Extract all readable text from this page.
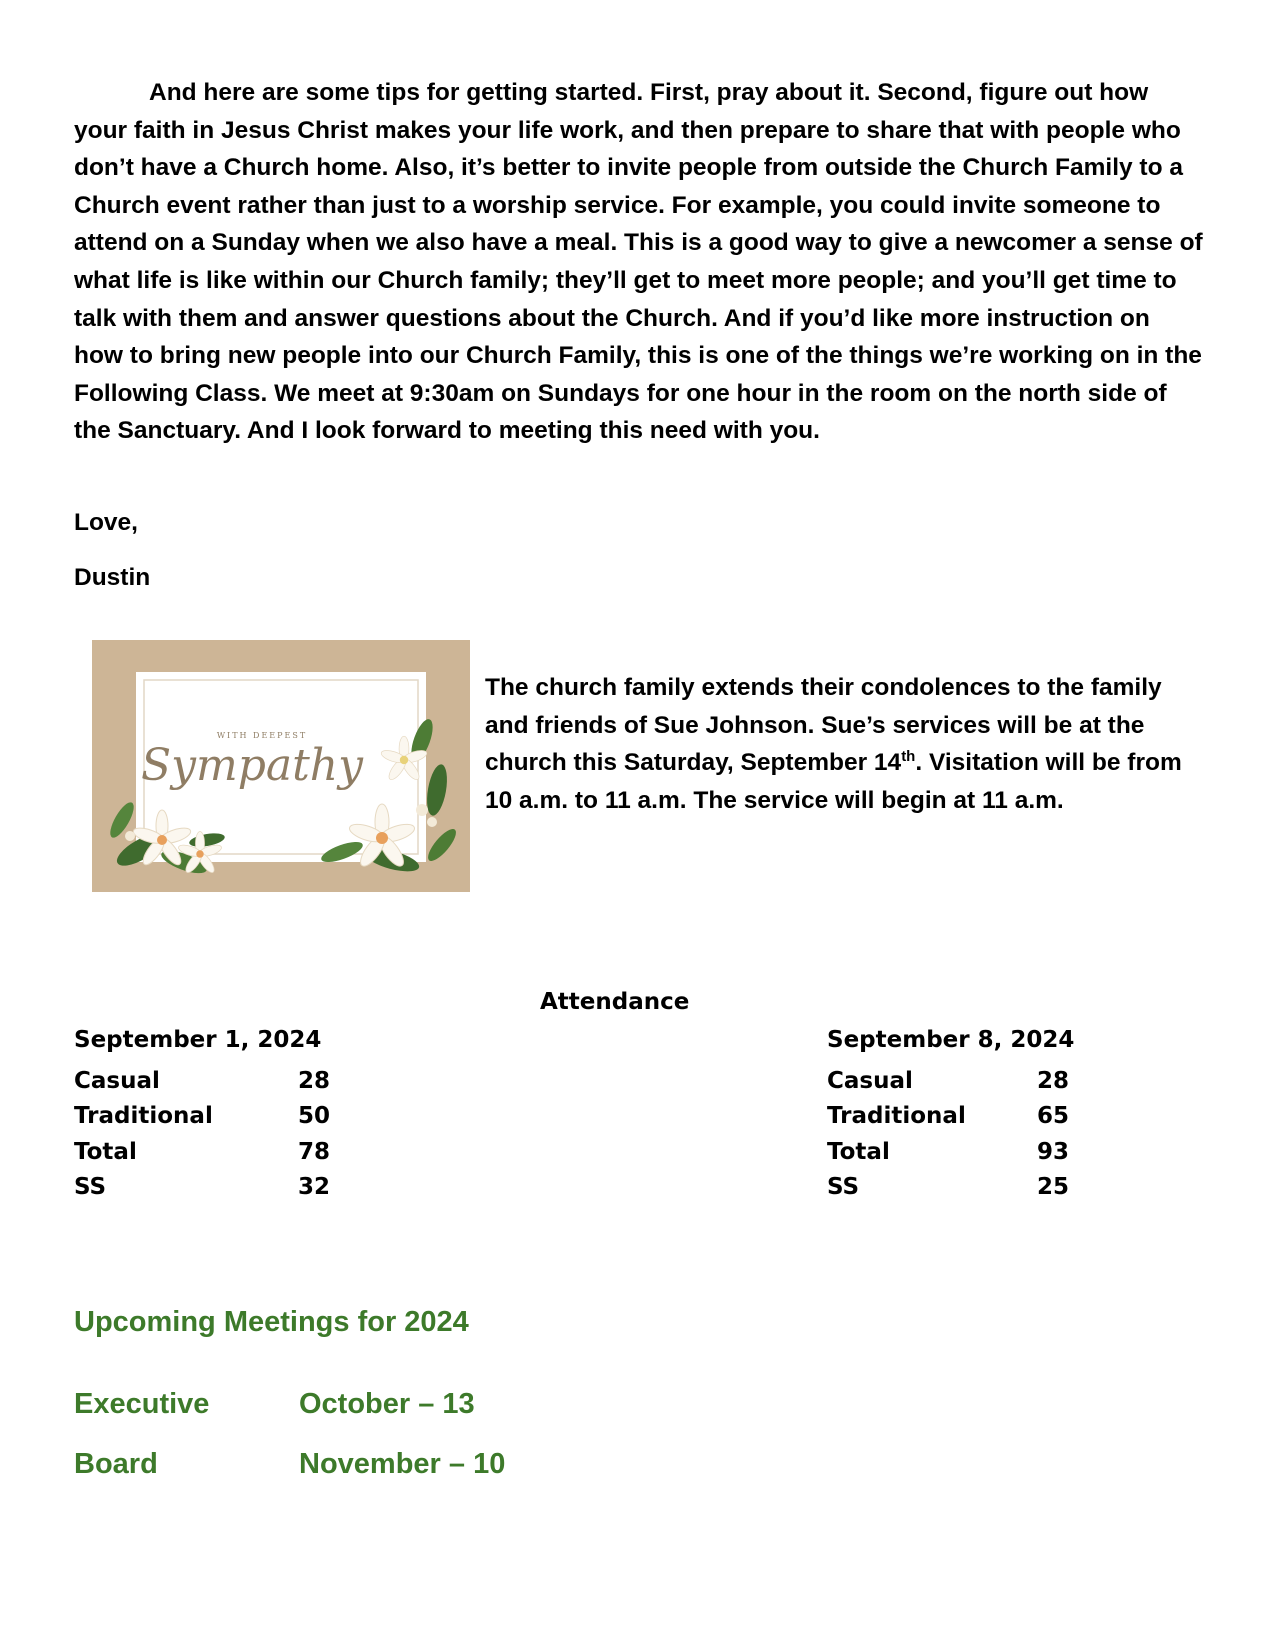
And here are some tips for getting started. First, pray about it. Second, figure out how your faith in Jesus Christ makes your life work, and then prepare to share that with people who don’t have a Church home. Also, it’s better to invite people from outside the Church Family to a Church event rather than just to a worship service. For example, you could invite someone to attend on a Sunday when we also have a meal. This is a good way to give a newcomer a sense of what life is like within our Church family; they’ll get to meet more people; and you’ll get time to talk with them and answer questions about the Church. And if you’d like more instruction on how to bring new people into our Church Family, this is one of the things we’re working on in the Following Class. We meet at 9:30am on Sundays for one hour in the room on the north side of the Sanctuary. And I look forward to meeting this need with you.

Love,

Dustin

WITH DEEPEST
Sympathy

The church family extends their condolences to the family and friends of Sue Johnson. Sue’s services will be at the church this Saturday, September 14th. Visitation will be from 10 a.m. to 11 a.m. The service will begin at 11 a.m.

Attendance

September 1, 2024
Casual	28
Traditional	50
Total	78
SS	32
September 8, 2024
Casual	28
Traditional	65
Total	93
SS	25

Upcoming Meetings for 2024

Executive	October – 13
Board	November – 10
